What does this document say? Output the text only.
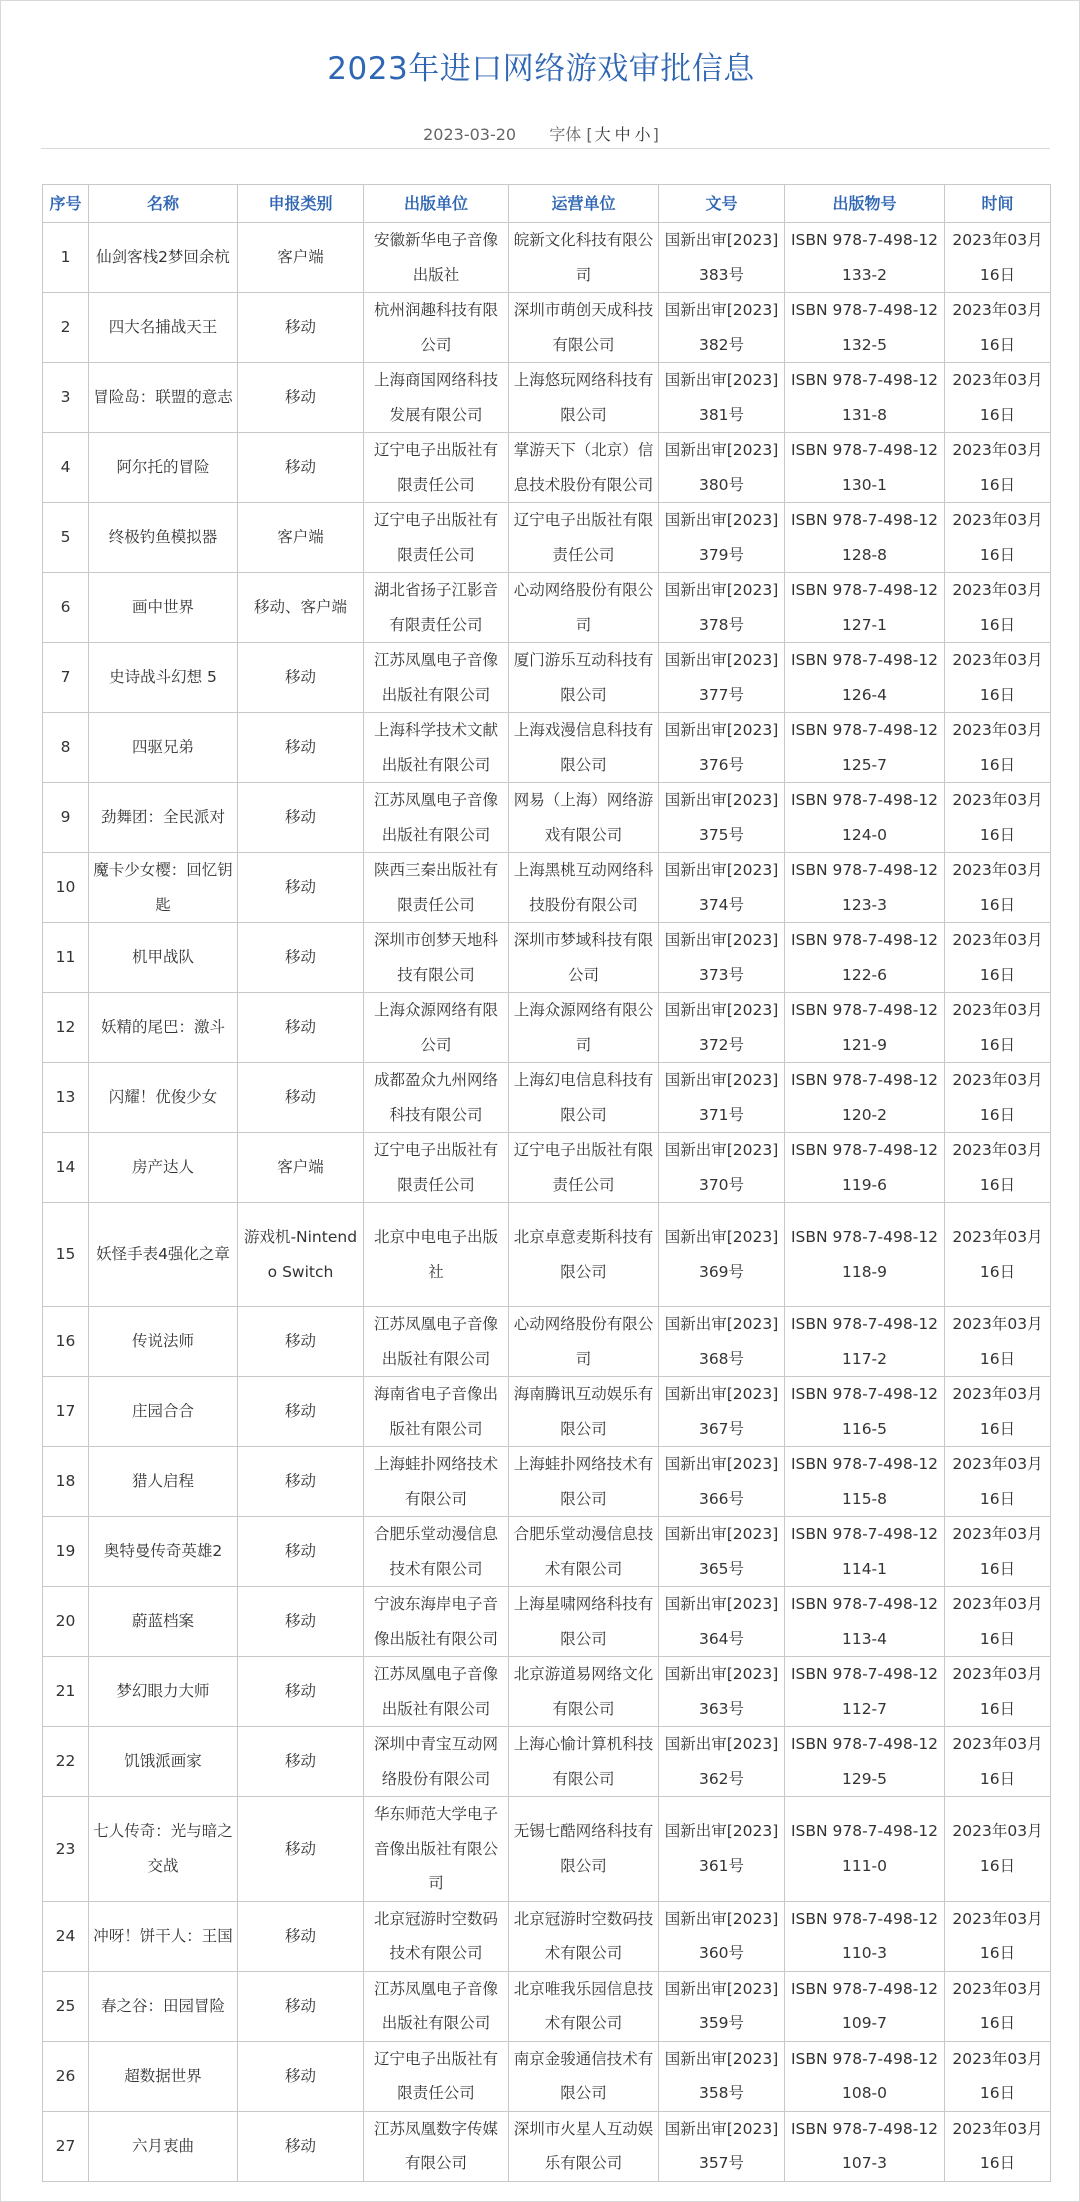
2023年进口网络游戏审批信息
2023-03-20 字体 [ 大 中 小 ]
序号	名称	申报类别	出版单位	运营单位	文号	出版物号	时间
1	仙剑客栈2梦回余杭	客户端	安徽新华电子音像出版社	皖新文化科技有限公司	国新出审[2023]383号	ISBN 978-7-498-12133-2	2023年03月16日
2	四大名捕战天王	移动	杭州润趣科技有限公司	深圳市萌创天成科技有限公司	国新出审[2023]382号	ISBN 978-7-498-12132-5	2023年03月16日
3	冒险岛：联盟的意志	移动	上海商国网络科技发展有限公司	上海悠玩网络科技有限公司	国新出审[2023]381号	ISBN 978-7-498-12131-8	2023年03月16日
4	阿尔托的冒险	移动	辽宁电子出版社有限责任公司	掌游天下（北京）信息技术股份有限公司	国新出审[2023]380号	ISBN 978-7-498-12130-1	2023年03月16日
5	终极钓鱼模拟器	客户端	辽宁电子出版社有限责任公司	辽宁电子出版社有限责任公司	国新出审[2023]379号	ISBN 978-7-498-12128-8	2023年03月16日
6	画中世界	移动、客户端	湖北省扬子江影音有限责任公司	心动网络股份有限公司	国新出审[2023]378号	ISBN 978-7-498-12127-1	2023年03月16日
7	史诗战斗幻想 5	移动	江苏凤凰电子音像出版社有限公司	厦门游乐互动科技有限公司	国新出审[2023]377号	ISBN 978-7-498-12126-4	2023年03月16日
8	四驱兄弟	移动	上海科学技术文献出版社有限公司	上海戏漫信息科技有限公司	国新出审[2023]376号	ISBN 978-7-498-12125-7	2023年03月16日
9	劲舞团：全民派对	移动	江苏凤凰电子音像出版社有限公司	网易（上海）网络游戏有限公司	国新出审[2023]375号	ISBN 978-7-498-12124-0	2023年03月16日
10	魔卡少女樱：回忆钥匙	移动	陕西三秦出版社有限责任公司	上海黑桃互动网络科技股份有限公司	国新出审[2023]374号	ISBN 978-7-498-12123-3	2023年03月16日
11	机甲战队	移动	深圳市创梦天地科技有限公司	深圳市梦域科技有限公司	国新出审[2023]373号	ISBN 978-7-498-12122-6	2023年03月16日
12	妖精的尾巴：激斗	移动	上海众源网络有限公司	上海众源网络有限公司	国新出审[2023]372号	ISBN 978-7-498-12121-9	2023年03月16日
13	闪耀！优俊少女	移动	成都盈众九州网络科技有限公司	上海幻电信息科技有限公司	国新出审[2023]371号	ISBN 978-7-498-12120-2	2023年03月16日
14	房产达人	客户端	辽宁电子出版社有限责任公司	辽宁电子出版社有限责任公司	国新出审[2023]370号	ISBN 978-7-498-12119-6	2023年03月16日
15	妖怪手表4强化之章	游戏机-Nintendo Switch	北京中电电子出版社	北京卓意麦斯科技有限公司	国新出审[2023]369号	ISBN 978-7-498-12118-9	2023年03月16日
16	传说法师	移动	江苏凤凰电子音像出版社有限公司	心动网络股份有限公司	国新出审[2023]368号	ISBN 978-7-498-12117-2	2023年03月16日
17	庄园合合	移动	海南省电子音像出版社有限公司	海南腾讯互动娱乐有限公司	国新出审[2023]367号	ISBN 978-7-498-12116-5	2023年03月16日
18	猎人启程	移动	上海蛙扑网络技术有限公司	上海蛙扑网络技术有限公司	国新出审[2023]366号	ISBN 978-7-498-12115-8	2023年03月16日
19	奥特曼传奇英雄2	移动	合肥乐堂动漫信息技术有限公司	合肥乐堂动漫信息技术有限公司	国新出审[2023]365号	ISBN 978-7-498-12114-1	2023年03月16日
20	蔚蓝档案	移动	宁波东海岸电子音像出版社有限公司	上海星啸网络科技有限公司	国新出审[2023]364号	ISBN 978-7-498-12113-4	2023年03月16日
21	梦幻眼力大师	移动	江苏凤凰电子音像出版社有限公司	北京游道易网络文化有限公司	国新出审[2023]363号	ISBN 978-7-498-12112-7	2023年03月16日
22	饥饿派画家	移动	深圳中青宝互动网络股份有限公司	上海心愉计算机科技有限公司	国新出审[2023]362号	ISBN 978-7-498-12129-5	2023年03月16日
23	七人传奇：光与暗之交战	移动	华东师范大学电子音像出版社有限公司	无锡七酷网络科技有限公司	国新出审[2023]361号	ISBN 978-7-498-12111-0	2023年03月16日
24	冲呀！饼干人：王国	移动	北京冠游时空数码技术有限公司	北京冠游时空数码技术有限公司	国新出审[2023]360号	ISBN 978-7-498-12110-3	2023年03月16日
25	春之谷：田园冒险	移动	江苏凤凰电子音像出版社有限公司	北京唯我乐园信息技术有限公司	国新出审[2023]359号	ISBN 978-7-498-12109-7	2023年03月16日
26	超数据世界	移动	辽宁电子出版社有限责任公司	南京金骏通信技术有限公司	国新出审[2023]358号	ISBN 978-7-498-12108-0	2023年03月16日
27	六月衷曲	移动	江苏凤凰数字传媒有限公司	深圳市火星人互动娱乐有限公司	国新出审[2023]357号	ISBN 978-7-498-12107-3	2023年03月16日
